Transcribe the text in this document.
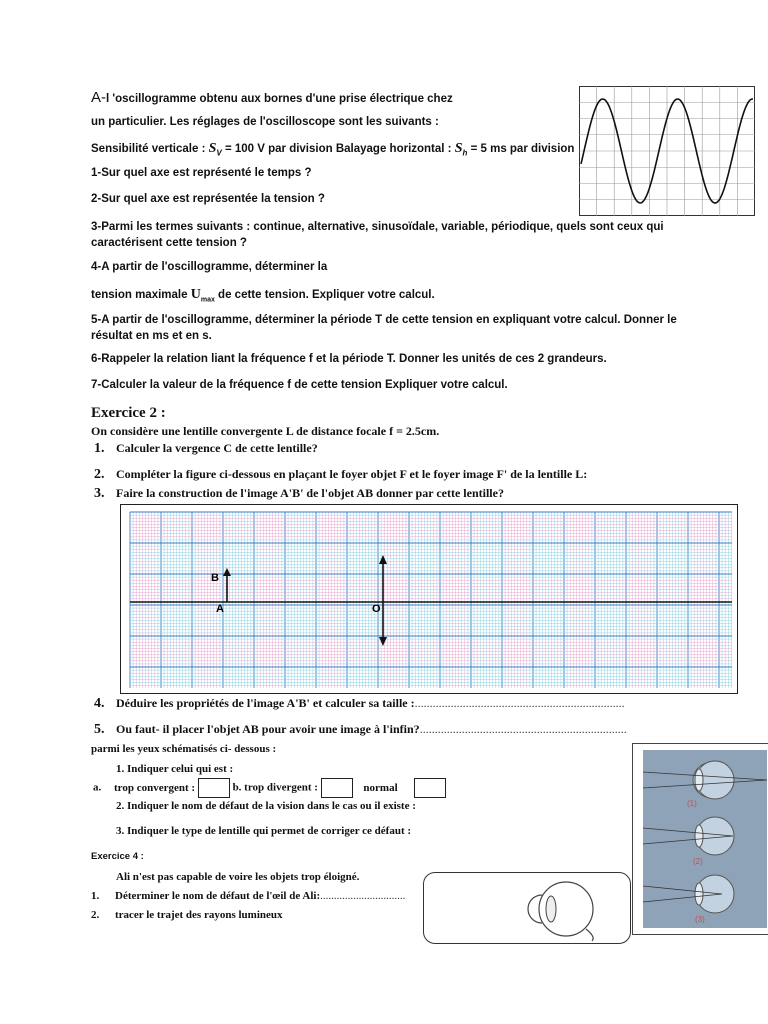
A-l 'oscillogramme obtenu aux bornes d'une prise électrique chez
un particulier. Les réglages de l'oscilloscope sont les suivants :
Sensibilité verticale : $S_V = 100$ V par division Balayage horizontal : $S_h = 5$ ms par division
1-Sur quel axe est représenté le temps ?
2-Sur quel axe est représentée la tension ?
3-Parmi les termes suivants : continue, alternative, sinusoïdale, variable, périodique, quels sont ceux qui caractérisent cette tension ?
4-A partir de l'oscillogramme, déterminer la
tension maximale $U_{max}$ de cette tension. Expliquer votre calcul.
5-A partir de l'oscillogramme, déterminer la période T de cette tension en expliquant votre calcul. Donner le résultat en ms et en s.
6-Rappeler la relation liant la fréquence f et la période T. Donner les unités de ces 2 grandeurs.
7-Calculer la valeur de la fréquence f de cette tension Expliquer votre calcul.
Exercice 2 :
On considère une lentille convergente L de distance focale f = 2.5cm.
1. Calculer la vergence C de cette lentille?
2. Compléter la figure ci-dessous en plaçant le foyer objet F et le foyer image F' de la lentille L:
3. Faire la construction de l'image A'B' de l'objet AB donner par cette lentille?
B
A	O
4. Déduire les propriétés de l'image A'B' et calculer sa taille :......................................................................
5. Ou faut- il placer l'objet AB pour avoir une image à l'infin?.....................................................................
parmi les yeux schématisés ci- dessous :
1. Indiquer celui qui est :
a. trop convergent :	b. trop divergent :	normal
2. Indiquer le nom de défaut de la vision dans le cas ou il existe :
3. Indiquer le type de lentille qui permet de corriger ce défaut :
(1)
(2)
(3)
Exercice 4 :
Ali n'est pas capable de voire les objets trop éloigné.
1. Déterminer le nom de défaut de l'œil de Ali:...............................
2. tracer le trajet des rayons lumineux
